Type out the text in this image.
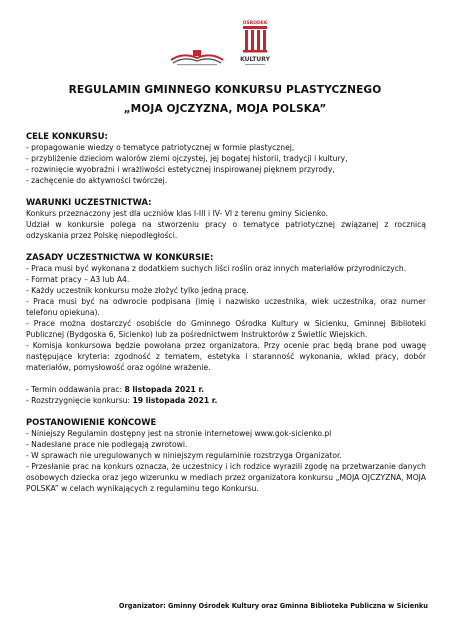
OŚRODEK
KULTURY
REGULAMIN GMINNEGO KONKURSU PLASTYCZNEGO
„MOJA OJCZYZNA, MOJA POLSKA”

CELE KONKURSU:

- propagowanie wiedzy o tematyce patriotycznej w formie plastycznej,

- przybliżenie dzieciom walorów ziemi ojczystej, jej bogatej historii, tradycji i kultury,

- rozwinięcie wyobraźni i wrażliwości estetycznej inspirowanej pięknem przyrody,

- zachęcenie do aktywności twórczej.

WARUNKI UCZESTNICTWA:

Konkurs przeznaczony jest dla uczniów klas I-III i IV- VI z terenu gminy Sicienko.

Udział w konkursie polega na stworzeniu pracy o tematyce patriotycznej związanej z rocznicą odzyskania przez Polskę niepodległości.

ZASADY UCZESTNICTWA W KONKURSIE:

- Praca musi być wykonana z dodatkiem suchych liści roślin oraz innych materiałów przyrodniczych.

- Format pracy – A3 lub A4.

- Każdy uczestnik konkursu może złożyć tylko jedną pracę.

- Praca musi być na odwrocie podpisana (imię i nazwisko uczestnika, wiek uczestnika, oraz numer telefonu opiekuna).

- Prace można dostarczyć osobiście do Gminnego Ośrodka Kultury w Sicienku, Gminnej Biblioteki Publicznej (Bydgoska 6, Sicienko) lub za pośrednictwem Instruktorów z Świetlic Wiejskich.

- Komisja konkursowa będzie powołana przez organizatora. Przy ocenie prac będą brane pod uwagę następujące kryteria: zgodność z tematem, estetyka i staranność wykonania, wkład pracy, dobór materiałów, pomysłowość oraz ogólne wrażenie.

- Termin oddawania prac: 8 listopada 2021 r.

- Rozstrzygnięcie konkursu: 19 listopada 2021 r.

POSTANOWIENIE KOŃCOWE

- Niniejszy Regulamin dostępny jest na stronie internetowej www.gok-sicienko.pl

- Nadesłane prace nie podlegają zwrotowi.

- W sprawach nie uregulowanych w niniejszym regulaminie rozstrzyga Organizator.

- Przesłanie prac na konkurs oznacza, że uczestnicy i ich rodzice wyrazili zgodę na przetwarzanie danych osobowych dziecka oraz jego wizerunku w mediach przez organizatora konkursu „MOJA OJCZYZNA, MOJA POLSKA” w celach wynikających z regulaminu tego Konkursu.

Organizator: Gminny Ośrodek Kultury oraz Gminna Biblioteka Publiczna w Sicienku
